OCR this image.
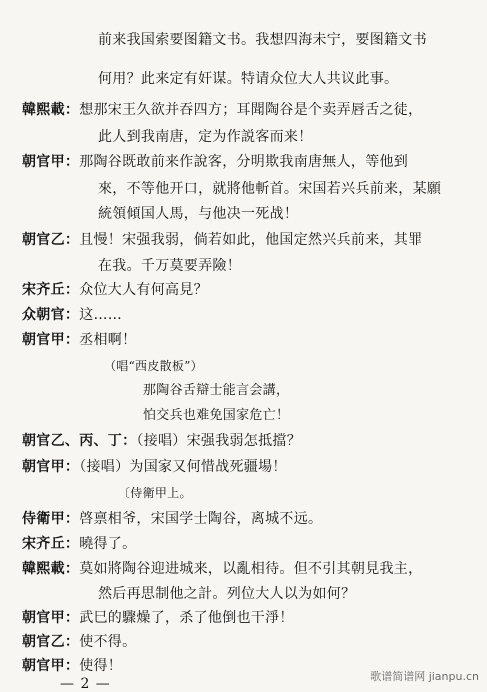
前来我国索要图籍文书。我想四海未宁，要图籍文书
何用？此来定有奸谋。特请众位大人共议此事。
韓熙載：想那宋王久欲并吞四方；耳聞陶谷是个卖弄唇舌之徒，
此人到我南唐，定为作説客而来！
朝官甲：那陶谷既敢前来作說客，分明欺我南唐無人，等他到
來，不等他开口，就將他斬首。宋国若兴兵前来，某願
統領傾国人馬，与他决一死战！
朝官乙：且慢！宋强我弱，倘若如此，他国定然兴兵前来，其罪
在我。千万莫要弄險！
宋齐丘：众位大人有何高見？
众朝官：这……
朝官甲：丞相啊！
（唱“西皮散板”）
那陶谷舌辯士能言会講，
怕交兵也难免国家危亡！
朝官乙、丙、丁：（接唱）宋强我弱怎抵擋？
朝官甲：（接唱）为国家又何惜战死疆場！
〔侍衛甲上。
侍衛甲：啓禀相爷，宋国学士陶谷，离城不远。
宋齐丘：曉得了。
韓熙載：莫如將陶谷迎进城来，以亂相待。但不引其朝見我主，
然后再思制他之計。列位大人以为如何？
朝官甲：武巳的驟燥了，杀了他倒也干淨！
朝官乙：使不得。
朝官甲：使得！
— 2 —	歌谱简谱网 jianpu.cn
